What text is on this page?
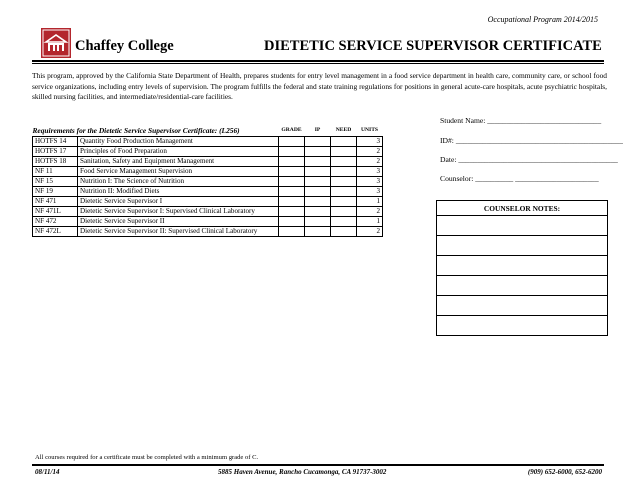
Occupational Program 2014/2015
Chaffey College	DIETETIC SERVICE SUPERVISOR CERTIFICATE
This program, approved by the California State Department of Health, prepares students for entry level management in a food service department in health care, community care, or school food service organizations, including entry levels of supervision. The program fulfills the federal and state training regulations for positions in general acute-care hospitals, acute psychiatric hospitals, skilled nursing facilities, and intermediate/residential-care facilities.
Requirements for the Dietetic Service Supervisor Certificate: (L256)		GRADE	IP	NEED	UNITS
HOTFS 14	Quantity Food Production Management				3
HOTFS 17	Principles of Food Preparation				2
HOTFS 18	Sanitation, Safety and Equipment Management				2
NF 11	Food Service Management Supervision				3
NF 15	Nutrition I: The Science of Nutrition				3
NF 19	Nutrition II: Modified Diets				3
NF 471	Dietetic Service Supervisor I				1
NF 471L	Dietetic Service Supervisor I: Supervised Clinical Laboratory				2
NF 472	Dietetic Service Supervisor II				1
NF 472L	Dietetic Service Supervisor II: Supervised Clinical Laboratory				2
Student Name: ______________________________
ID#: ____________________________________________
Date: __________________________________________
Counselor: __________ ______________________
COUNSELOR NOTES:

All courses required for a certificate must be completed with a minimum grade of C.
08/11/14	5885 Haven Avenue, Rancho Cucamonga, CA 91737-3002	(909) 652-6000, 652-6200
